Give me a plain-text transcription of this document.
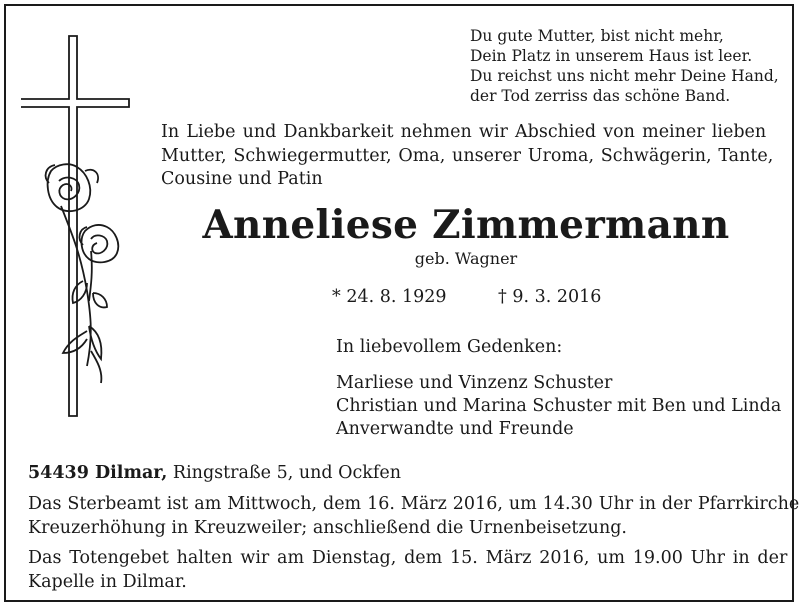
Du gute Mutter, bist nicht mehr,
Dein Platz in unserem Haus ist leer.
Du reichst uns nicht mehr Deine Hand,
der Tod zerriss das schöne Band.
In Liebe und Dankbarkeit nehmen wir Abschied von meiner lieben
Mutter, Schwiegermutter, Oma, unserer Uroma, Schwägerin, Tante,
Cousine und Patin
Anneliese Zimmermann
geb. Wagner
* 24. 8. 1929	† 9. 3. 2016
In liebevollem Gedenken:
Marliese und Vinzenz Schuster
Christian und Marina Schuster mit Ben und Linda
Anverwandte und Freunde
54439 Dilmar, Ringstraße 5, und Ockfen
Das Sterbeamt ist am Mittwoch, dem 16. März 2016, um 14.30 Uhr in der Pfarrkirche
Kreuzerhöhung in Kreuzweiler; anschließend die Urnenbeisetzung.
Das Totengebet halten wir am Dienstag, dem 15. März 2016, um 19.00 Uhr in der
Kapelle in Dilmar.
